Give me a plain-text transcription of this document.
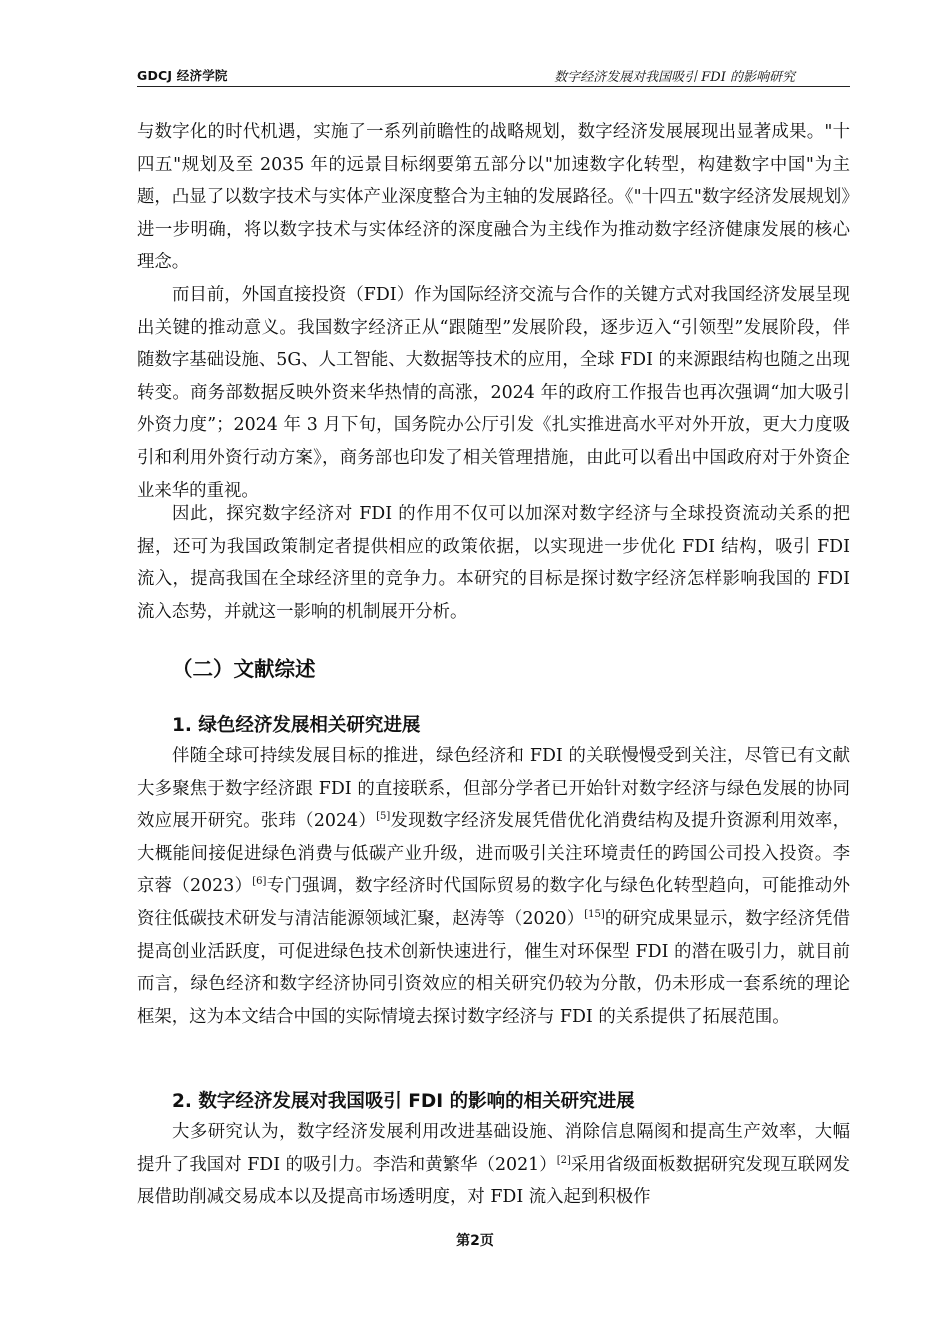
GDCJ 经济学院	数字经济发展对我国吸引 FDI 的影响研究

与数字化的时代机遇，实施了一系列前瞻性的战略规划，数字经济发展展现出显著成果。"十四五"规划及至 2035 年的远景目标纲要第五部分以"加速数字化转型，构建数字中国"为主题，凸显了以数字技术与实体产业深度整合为主轴的发展路径。《"十四五"数字经济发展规划》进一步明确，将以数字技术与实体经济的深度融合为主线作为推动数字经济健康发展的核心理念。

而目前，外国直接投资（FDI）作为国际经济交流与合作的关键方式对我国经济发展呈现出关键的推动意义。我国数字经济正从“跟随型”发展阶段，逐步迈入“引领型”发展阶段，伴随数字基础设施、5G、人工智能、大数据等技术的应用，全球 FDI 的来源跟结构也随之出现转变。商务部数据反映外资来华热情的高涨，2024 年的政府工作报告也再次强调“加大吸引外资力度”；2024 年 3 月下旬，国务院办公厅引发《扎实推进高水平对外开放，更大力度吸引和利用外资行动方案》，商务部也印发了相关管理措施，由此可以看出中国政府对于外资企业来华的重视。

因此，探究数字经济对 FDI 的作用不仅可以加深对数字经济与全球投资流动关系的把握，还可为我国政策制定者提供相应的政策依据，以实现进一步优化 FDI 结构，吸引 FDI 流入，提高我国在全球经济里的竞争力。本研究的目标是探讨数字经济怎样影响我国的 FDI 流入态势，并就这一影响的机制展开分析。

（二）文献综述
1. 绿色经济发展相关研究进展

伴随全球可持续发展目标的推进，绿色经济和 FDI 的关联慢慢受到关注，尽管已有文献大多聚焦于数字经济跟 FDI 的直接联系，但部分学者已开始针对数字经济与绿色发展的协同效应展开研究。张玮（2024）[5]发现数字经济发展凭借优化消费结构及提升资源利用效率，大概能间接促进绿色消费与低碳产业升级，进而吸引关注环境责任的跨国公司投入投资。李京蓉（2023）[6]专门强调，数字经济时代国际贸易的数字化与绿色化转型趋向，可能推动外资往低碳技术研发与清洁能源领域汇聚，赵涛等（2020）[15]的研究成果显示，数字经济凭借提高创业活跃度，可促进绿色技术创新快速进行，催生对环保型 FDI 的潜在吸引力，就目前而言，绿色经济和数字经济协同引资效应的相关研究仍较为分散，仍未形成一套系统的理论框架，这为本文结合中国的实际情境去探讨数字经济与 FDI 的关系提供了拓展范围。

2. 数字经济发展对我国吸引 FDI 的影响的相关研究进展

大多研究认为，数字经济发展利用改进基础设施、消除信息隔阂和提高生产效率，大幅提升了我国对 FDI 的吸引力。李浩和黄繁华（2021）[2]采用省级面板数据研究发现互联网发展借助削减交易成本以及提高市场透明度，对 FDI 流入起到积极作

第2页
